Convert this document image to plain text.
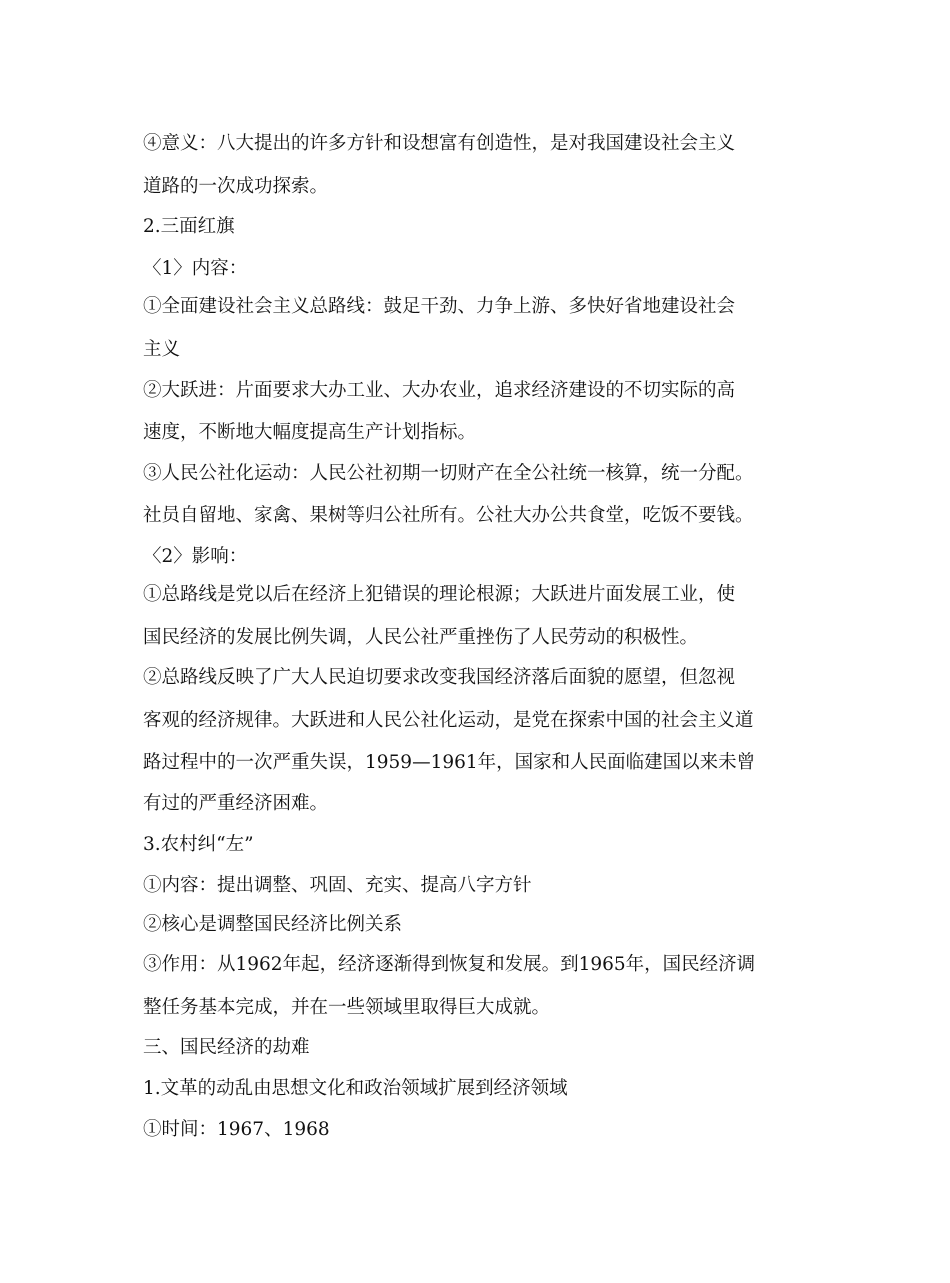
④意义：八大提出的许多方针和设想富有创造性，是对我国建设社会主义
道路的一次成功探索。
2.三面红旗
〈1〉内容：
①全面建设社会主义总路线：鼓足干劲、力争上游、多快好省地建设社会
主义
②大跃进：片面要求大办工业、大办农业，追求经济建设的不切实际的高
速度，不断地大幅度提高生产计划指标。
③人民公社化运动：人民公社初期一切财产在全公社统一核算，统一分配。
社员自留地、家禽、果树等归公社所有。公社大办公共食堂，吃饭不要钱。
〈2〉影响：
①总路线是党以后在经济上犯错误的理论根源；大跃进片面发展工业，使
国民经济的发展比例失调，人民公社严重挫伤了人民劳动的积极性。
②总路线反映了广大人民迫切要求改变我国经济落后面貌的愿望，但忽视
客观的经济规律。大跃进和人民公社化运动，是党在探索中国的社会主义道
路过程中的一次严重失误，1959—1961年，国家和人民面临建国以来未曾
有过的严重经济困难。
3.农村纠“左”
①内容：提出调整、巩固、充实、提高八字方针
②核心是调整国民经济比例关系
③作用：从1962年起，经济逐渐得到恢复和发展。到1965年，国民经济调
整任务基本完成，并在一些领域里取得巨大成就。
三、国民经济的劫难
1.文革的动乱由思想文化和政治领域扩展到经济领域
①时间：1967、1968
